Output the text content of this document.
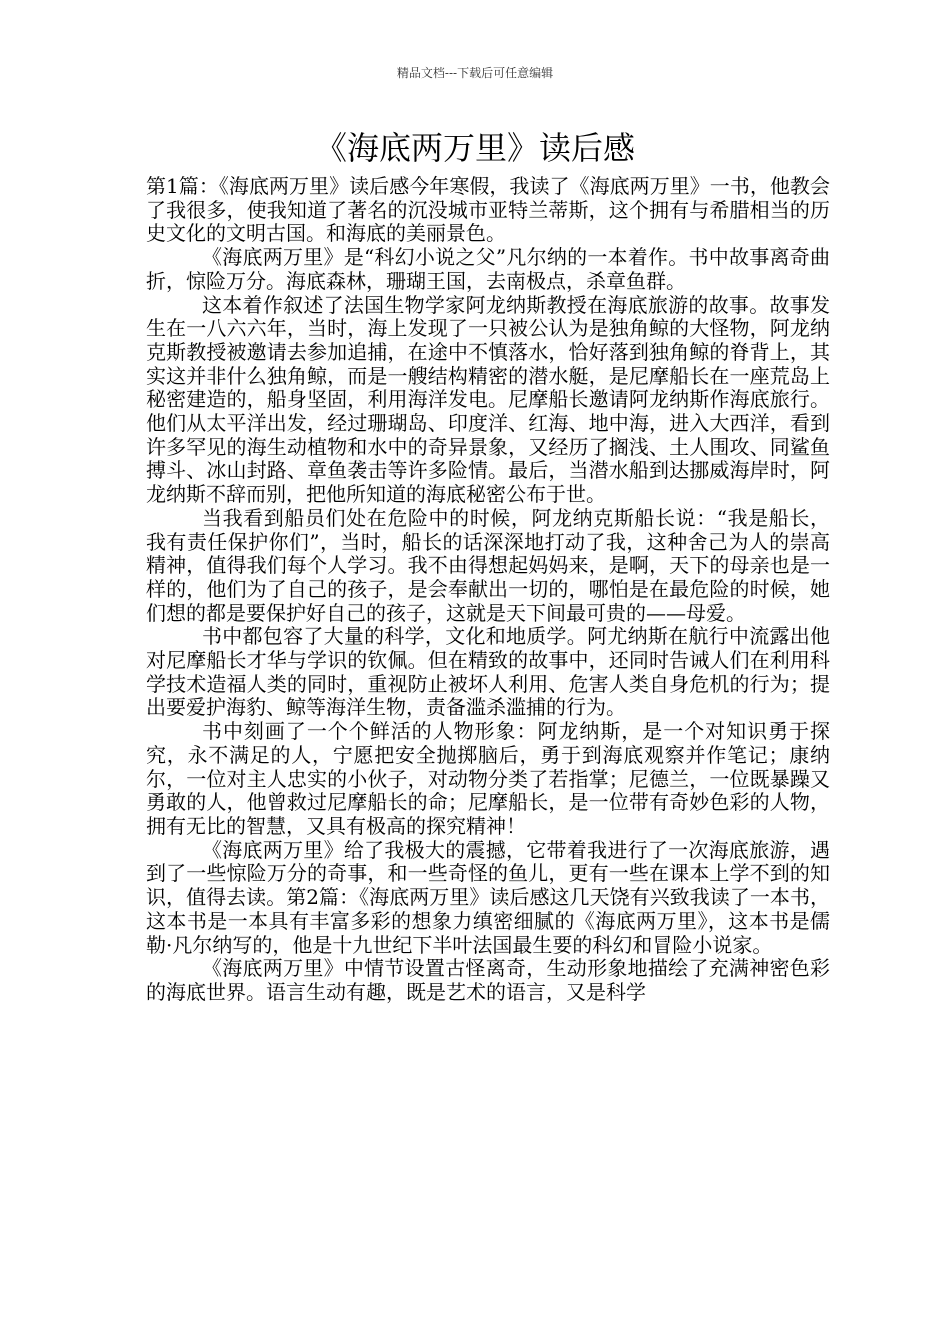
精品文档---下载后可任意编辑
《海底两万里》读后感

第1篇：《海底两万里》读后感今年寒假，我读了《海底两万里》一书，他教会了我很多，使我知道了著名的沉没城市亚特兰蒂斯，这个拥有与希腊相当的历史文化的文明古国。和海底的美丽景色。

《海底两万里》是“科幻小说之父”凡尔纳的一本着作。书中故事离奇曲折，惊险万分。海底森林，珊瑚王国，去南极点，杀章鱼群。

这本着作叙述了法国生物学家阿龙纳斯教授在海底旅游的故事。故事发生在一八六六年，当时，海上发现了一只被公认为是独角鲸的大怪物，阿龙纳克斯教授被邀请去参加追捕，在途中不慎落水，恰好落到独角鲸的脊背上，其实这并非什么独角鲸，而是一艘结构精密的潜水艇，是尼摩船长在一座荒岛上秘密建造的，船身坚固，利用海洋发电。尼摩船长邀请阿龙纳斯作海底旅行。他们从太平洋出发，经过珊瑚岛、印度洋、红海、地中海，进入大西洋，看到许多罕见的海生动植物和水中的奇异景象，又经历了搁浅、土人围攻、同鲨鱼搏斗、冰山封路、章鱼袭击等许多险情。最后，当潜水船到达挪威海岸时，阿龙纳斯不辞而别，把他所知道的海底秘密公布于世。

当我看到船员们处在危险中的时候，阿龙纳克斯船长说：“我是船长，我有责任保护你们”，当时，船长的话深深地打动了我，这种舍己为人的崇高精神，值得我们每个人学习。我不由得想起妈妈来，是啊，天下的母亲也是一样的，他们为了自己的孩子，是会奉献出一切的，哪怕是在最危险的时候，她们想的都是要保护好自己的孩子，这就是天下间最可贵的——母爱。

书中都包容了大量的科学，文化和地质学。阿尤纳斯在航行中流露出他对尼摩船长才华与学识的钦佩。但在精致的故事中，还同时告诫人们在利用科学技术造福人类的同时，重视防止被坏人利用、危害人类自身危机的行为；提出要爱护海豹、鲸等海洋生物，责备滥杀滥捕的行为。

书中刻画了一个个鲜活的人物形象：阿龙纳斯，是一个对知识勇于探究，永不满足的人，宁愿把安全抛掷脑后，勇于到海底观察并作笔记；康纳尔，一位对主人忠实的小伙子，对动物分类了若指掌；尼德兰，一位既暴躁又勇敢的人，他曾救过尼摩船长的命；尼摩船长，是一位带有奇妙色彩的人物，拥有无比的智慧，又具有极高的探究精神！

《海底两万里》给了我极大的震撼，它带着我进行了一次海底旅游，遇到了一些惊险万分的奇事，和一些奇怪的鱼儿，更有一些在课本上学不到的知识，值得去读。第2篇：《海底两万里》读后感这几天饶有兴致我读了一本书，这本书是一本具有丰富多彩的想象力缜密细腻的《海底两万里》，这本书是儒勒·凡尔纳写的，他是十九世纪下半叶法国最生要的科幻和冒险小说家。

《海底两万里》中情节设置古怪离奇，生动形象地描绘了充满神密色彩的海底世界。语言生动有趣，既是艺术的语言，又是科学
